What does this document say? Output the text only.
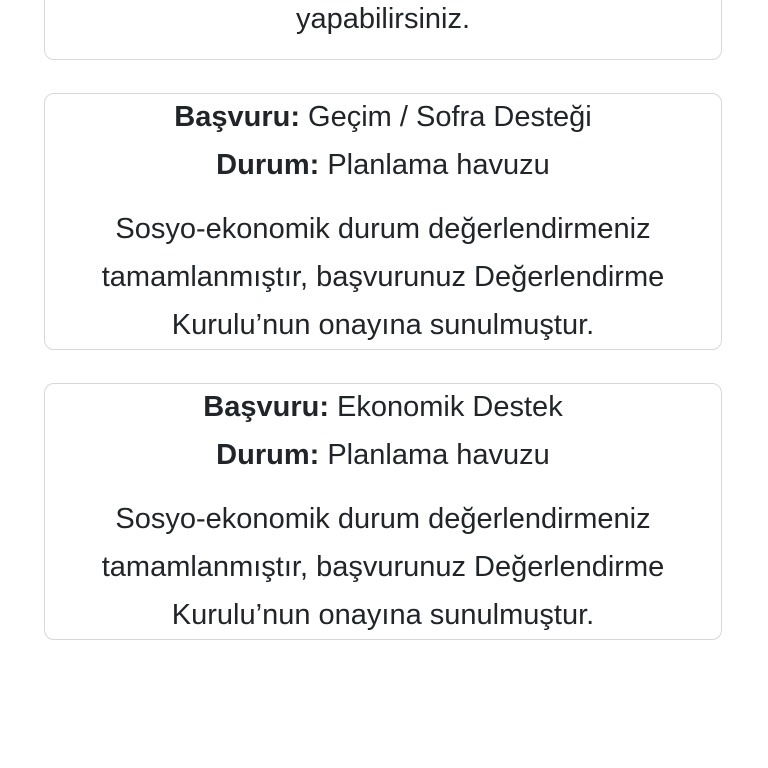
yapabilirsiniz.
Başvuru: Geçim / Sofra Desteği
Durum: Planlama havuzu
Sosyo-ekonomik durum değerlendirmeniz tamamlanmıştır, başvurunuz Değerlendirme Kurulu’nun onayına sunulmuştur.
Başvuru: Ekonomik Destek
Durum: Planlama havuzu
Sosyo-ekonomik durum değerlendirmeniz tamamlanmıştır, başvurunuz Değerlendirme Kurulu’nun onayına sunulmuştur.
